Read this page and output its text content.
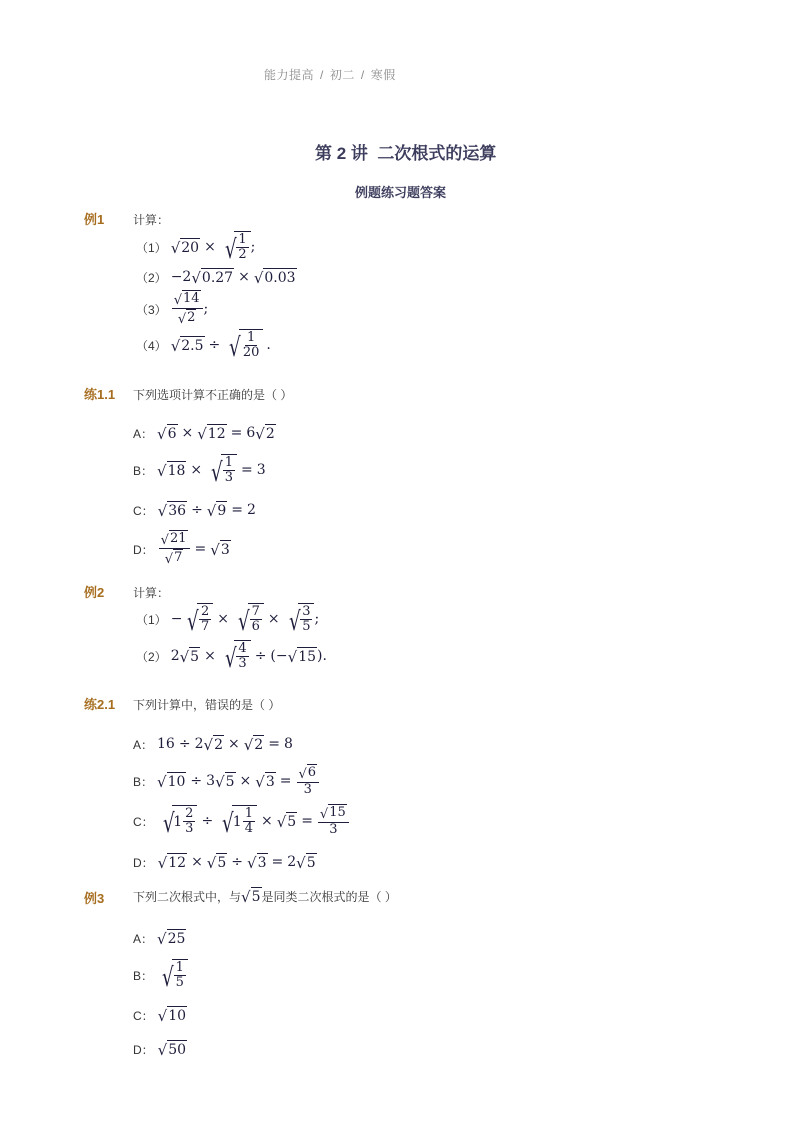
能力提高 / 初二 / 寒假
第 2 讲  二次根式的运算
例题练习题答案
例1 计算：
（1） √ 20 × √ $\frac{1}{2}$ ;
（2） − 2 √ 0.27 × √ 0.03
$(3) \frac{√ 14}{√ 2}$ ;
（4） √ 2.5 ÷ √ $\frac{1}{20}$ .
练1.1 下列选项计算不正确的是（ ）
A： √ 6 × √ 12 = 6 √ 2
B： √ 18 × √ $\frac{1}{3} = 3$
C： √ 36 ÷ √ 9 = 2
D： $\frac{√ 21}{√ 7}$ = √ 3
例2 计算：
（1） − √ $\frac{2}{7}$ × √ $\frac{7}{6}$ × √ $\frac{3}{5}$ ;
（2） 2 √ 5 × √ $\frac{4}{3}$ ÷ (− √ 15 ) .
练2.1 下列计算中，错误的是（ ）
A： 16 ÷ 2 √ 2 × √ 2 = 8
B： √ 10 ÷ 3 √ 5 × √ $3 = \frac{√ 6}{3}$
C： √ $1 \frac{2}{3}$ ÷ √ $1 \frac{1}{4}$ × √ $5 = \frac{√ 15}{3}$
D： √ 12 × √ 5 ÷ √ 3 = 2 √ 5
例3 下列二次根式中，与 √ 5 是同类二次根式的是（ ）
A： √ 25
B： √ $\frac{1}{5}$
C： √ 10
D： √ 50
